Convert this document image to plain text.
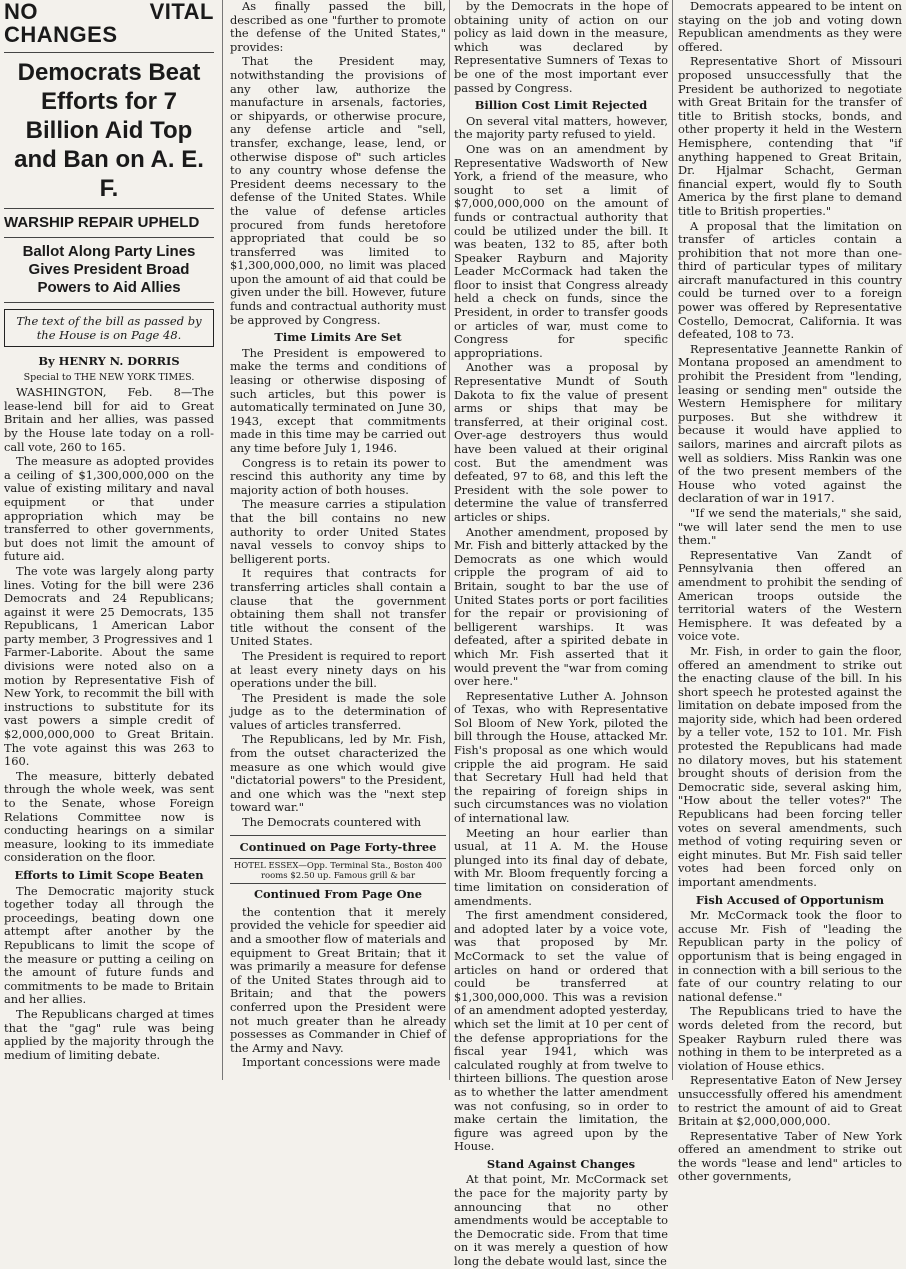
NO VITAL CHANGES
Democrats Beat Efforts for 7 Billion Aid Top and Ban on A. E. F.
WARSHIP REPAIR UPHELD
Ballot Along Party Lines Gives President Broad Powers to Aid Allies
The text of the bill as passed by the House is on Page 48.

By HENRY N. DORRIS

Special to THE NEW YORK TIMES.

WASHINGTON, Feb. 8—The lease-lend bill for aid to Great Britain and her allies, was passed by the House late today on a roll-call vote, 260 to 165.

The measure as adopted provides a ceiling of $1,300,000,000 on the value of existing military and naval equipment or that under appropriation which may be transferred to other governments, but does not limit the amount of future aid.

The vote was largely along party lines. Voting for the bill were 236 Democrats and 24 Republicans; against it were 25 Democrats, 135 Republicans, 1 American Labor party member, 3 Progressives and 1 Farmer-Laborite. About the same divisions were noted also on a motion by Representative Fish of New York, to recommit the bill with instructions to substitute for its vast powers a simple credit of $2,000,000,000 to Great Britain. The vote against this was 263 to 160.

The measure, bitterly debated through the whole week, was sent to the Senate, whose Foreign Relations Committee now is conducting hearings on a similar measure, looking to its immediate consideration on the floor.

Efforts to Limit Scope Beaten

The Democratic majority stuck together today all through the proceedings, beating down one attempt after another by the Republicans to limit the scope of the measure or putting a ceiling on the amount of future funds and commitments to be made to Britain and her allies.

The Republicans charged at times that the "gag" rule was being applied by the majority through the medium of limiting debate.

As finally passed the bill, described as one "further to promote the defense of the United States," provides:

That the President may, notwithstanding the provisions of any other law, authorize the manufacture in arsenals, factories, or shipyards, or otherwise procure, any defense article and "sell, transfer, exchange, lease, lend, or otherwise dispose of" such articles to any country whose defense the President deems necessary to the defense of the United States. While the value of defense articles procured from funds heretofore appropriated that could be so transferred was limited to $1,300,000,000, no limit was placed upon the amount of aid that could be given under the bill. However, future funds and contractual authority must be approved by Congress.

Time Limits Are Set

The President is empowered to make the terms and conditions of leasing or otherwise disposing of such articles, but this power is automatically terminated on June 30, 1943, except that commitments made in this time may be carried out any time before July 1, 1946.

Congress is to retain its power to rescind this authority any time by majority action of both houses.

The measure carries a stipulation that the bill contains no new authority to order United States naval vessels to convoy ships to belligerent ports.

It requires that contracts for transferring articles shall contain a clause that the government obtaining them shall not transfer title without the consent of the United States.

The President is required to report at least every ninety days on his operations under the bill.

The President is made the sole judge as to the determination of values of articles transferred.

The Republicans, led by Mr. Fish, from the outset characterized the measure as one which would give "dictatorial powers" to the President, and one which was the "next step toward war."

The Democrats countered with

Continued on Page Forty-three

HOTEL ESSEX—Opp. Terminal Sta., Boston 400 rooms $2.50 up. Famous grill & bar

Continued From Page One

the contention that it merely provided the vehicle for speedier aid and a smoother flow of materials and equipment to Great Britain; that it was primarily a measure for defense of the United States through aid to Britain; and that the powers conferred upon the President were not much greater than he already possesses as Commander in Chief of the Army and Navy.

Important concessions were made

by the Democrats in the hope of obtaining unity of action on our policy as laid down in the measure, which was declared by Representative Sumners of Texas to be one of the most important ever passed by Congress.

Billion Cost Limit Rejected

On several vital matters, however, the majority party refused to yield.

One was on an amendment by Representative Wadsworth of New York, a friend of the measure, who sought to set a limit of $7,000,000,000 on the amount of funds or contractual authority that could be utilized under the bill. It was beaten, 132 to 85, after both Speaker Rayburn and Majority Leader McCormack had taken the floor to insist that Congress already held a check on funds, since the President, in order to transfer goods or articles of war, must come to Congress for specific appropriations.

Another was a proposal by Representative Mundt of South Dakota to fix the value of present arms or ships that may be transferred, at their original cost. Over-age destroyers thus would have been valued at their original cost. But the amendment was defeated, 97 to 68, and this left the President with the sole power to determine the value of transferred articles or ships.

Another amendment, proposed by Mr. Fish and bitterly attacked by the Democrats as one which would cripple the program of aid to Britain, sought to bar the use of United States ports or port facilities for the repair or provisioning of belligerent warships. It was defeated, after a spirited debate in which Mr. Fish asserted that it would prevent the "war from coming over here."

Representative Luther A. Johnson of Texas, who with Representative Sol Bloom of New York, piloted the bill through the House, attacked Mr. Fish's proposal as one which would cripple the aid program. He said that Secretary Hull had held that the repairing of foreign ships in such circumstances was no violation of international law.

Meeting an hour earlier than usual, at 11 A. M. the House plunged into its final day of debate, with Mr. Bloom frequently forcing a time limitation on consideration of amendments.

The first amendment considered, and adopted later by a voice vote, was that proposed by Mr. McCormack to set the value of articles on hand or ordered that could be transferred at $1,300,000,000. This was a revision of an amendment adopted yesterday, which set the limit at 10 per cent of the defense appropriations for the fiscal year 1941, which was calculated roughly at from twelve to thirteen billions. The question arose as to whether the latter amendment was not confusing, so in order to make certain the limitation, the figure was agreed upon by the House.

Stand Against Changes

At that point, Mr. McCormack set the pace for the majority party by announcing that no other amendments would be acceptable to the Democratic side. From that time on it was merely a question of how long the debate would last, since the

Democrats appeared to be intent on staying on the job and voting down Republican amendments as they were offered.

Representative Short of Missouri proposed unsuccessfully that the President be authorized to negotiate with Great Britain for the transfer of title to British stocks, bonds, and other property it held in the Western Hemisphere, contending that "if anything happened to Great Britain, Dr. Hjalmar Schacht, German financial expert, would fly to South America by the first plane to demand title to British properties."

A proposal that the limitation on transfer of articles contain a prohibition that not more than one-third of particular types of military aircraft manufactured in this country could be turned over to a foreign power was offered by Representative Costello, Democrat, California. It was defeated, 108 to 73.

Representative Jeannette Rankin of Montana proposed an amendment to prohibit the President from "lending, leasing or sending men" outside the Western Hemisphere for military purposes. But she withdrew it because it would have applied to sailors, marines and aircraft pilots as well as soldiers. Miss Rankin was one of the two present members of the House who voted against the declaration of war in 1917.

"If we send the materials," she said, "we will later send the men to use them."

Representative Van Zandt of Pennsylvania then offered an amendment to prohibit the sending of American troops outside the territorial waters of the Western Hemisphere. It was defeated by a voice vote.

Mr. Fish, in order to gain the floor, offered an amendment to strike out the enacting clause of the bill. In his short speech he protested against the limitation on debate imposed from the majority side, which had been ordered by a teller vote, 152 to 101. Mr. Fish protested the Republicans had made no dilatory moves, but his statement brought shouts of derision from the Democratic side, several asking him, "How about the teller votes?" The Republicans had been forcing teller votes on several amendments, such method of voting requiring seven or eight minutes. But Mr. Fish said teller votes had been forced only on important amendments.

Fish Accused of Opportunism

Mr. McCormack took the floor to accuse Mr. Fish of "leading the Republican party in the policy of opportunism that is being engaged in in connection with a bill serious to the fate of our country relating to our national defense."

The Republicans tried to have the words deleted from the record, but Speaker Rayburn ruled there was nothing in them to be interpreted as a violation of House ethics.

Representative Eaton of New Jersey unsuccessfully offered his amendment to restrict the amount of aid to Great Britain at $2,000,000,000.

Representative Taber of New York offered an amendment to strike out the words "lease and lend" articles to other governments,
